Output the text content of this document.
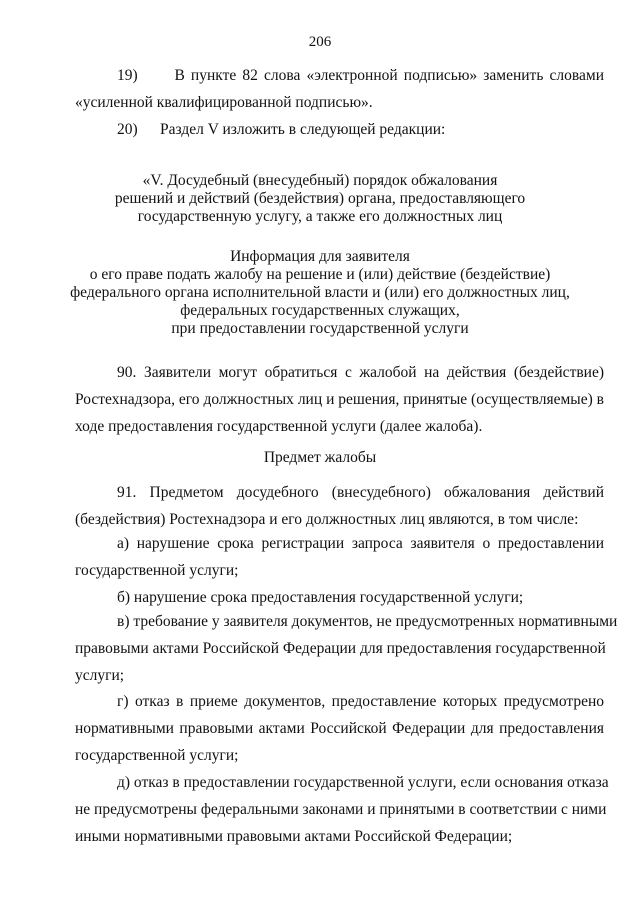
206
19)      В пункте 82 слова «электронной подписью» заменить словами
«усиленной квалифицированной подписью».
20) Раздел V изложить в следующей редакции:
«V. Досудебный (внесудебный) порядок обжалования
решений и действий (бездействия) органа, предоставляющего
государственную услугу, а также его должностных лиц
Информация для заявителя
о его праве подать жалобу на решение и (или) действие (бездействие)
федерального органа исполнительной власти и (или) его должностных лиц,
федеральных государственных служащих,
при предоставлении государственной услуги
90. Заявители могут обратиться с жалобой на действия (бездействие)
Ростехнадзора, его должностных лиц и решения, принятые (осуществляемые) в
ходе предоставления государственной услуги (далее жалоба).
Предмет жалобы
91. Предметом досудебного (внесудебного) обжалования действий
(бездействия) Ростехнадзора и его должностных лиц являются, в том числе:
а) нарушение срока регистрации запроса заявителя о предоставлении
государственной услуги;
б) нарушение срока предоставления государственной услуги;
в) требование у заявителя документов, не предусмотренных нормативными
правовыми актами Российской Федерации для предоставления государственной
услуги;
г) отказ в приеме документов, предоставление которых предусмотрено
нормативными правовыми актами Российской Федерации для предоставления
государственной услуги;
д) отказ в предоставлении государственной услуги, если основания отказа
не предусмотрены федеральными законами и принятыми в соответствии с ними
иными нормативными правовыми актами Российской Федерации;
